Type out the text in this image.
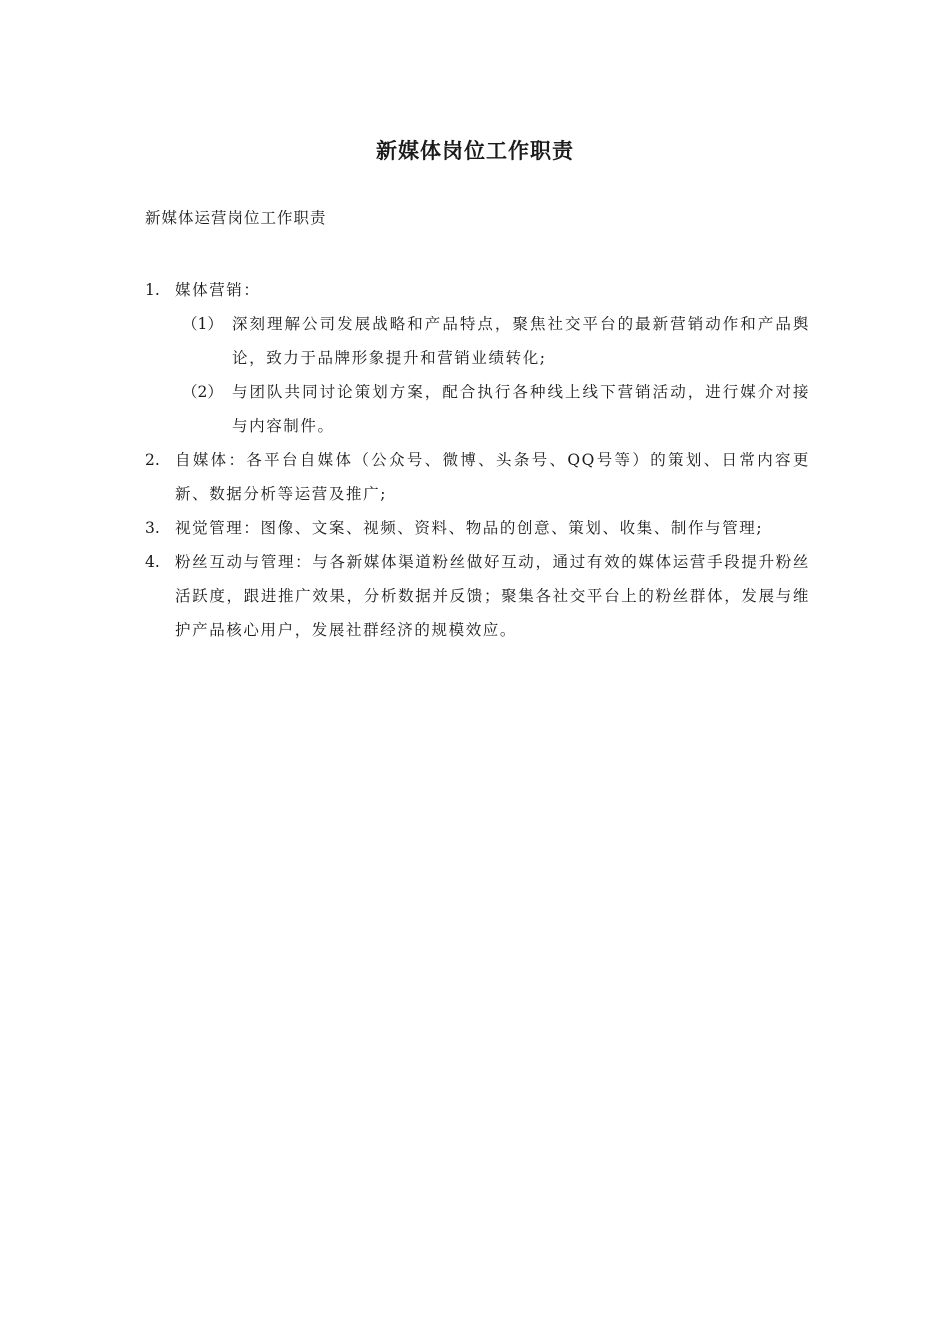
新媒体岗位工作职责

新媒体运营岗位工作职责

1. 媒体营销：
（1） 深刻理解公司发展战略和产品特点，聚焦社交平台的最新营销动作和产品舆论，致力于品牌形象提升和营销业绩转化;
（2） 与团队共同讨论策划方案，配合执行各种线上线下营销活动，进行媒介对接与内容制件。
2. 自媒体：各平台自媒体（公众号、微博、头条号、QQ号等）的策划、日常内容更新、数据分析等运营及推广;
3. 视觉管理：图像、文案、视频、资料、物品的创意、策划、收集、制作与管理;
4. 粉丝互动与管理：与各新媒体渠道粉丝做好互动，通过有效的媒体运营手段提升粉丝活跃度，跟进推广效果，分析数据并反馈；聚集各社交平台上的粉丝群体，发展与维护产品核心用户，发展社群经济的规模效应。
